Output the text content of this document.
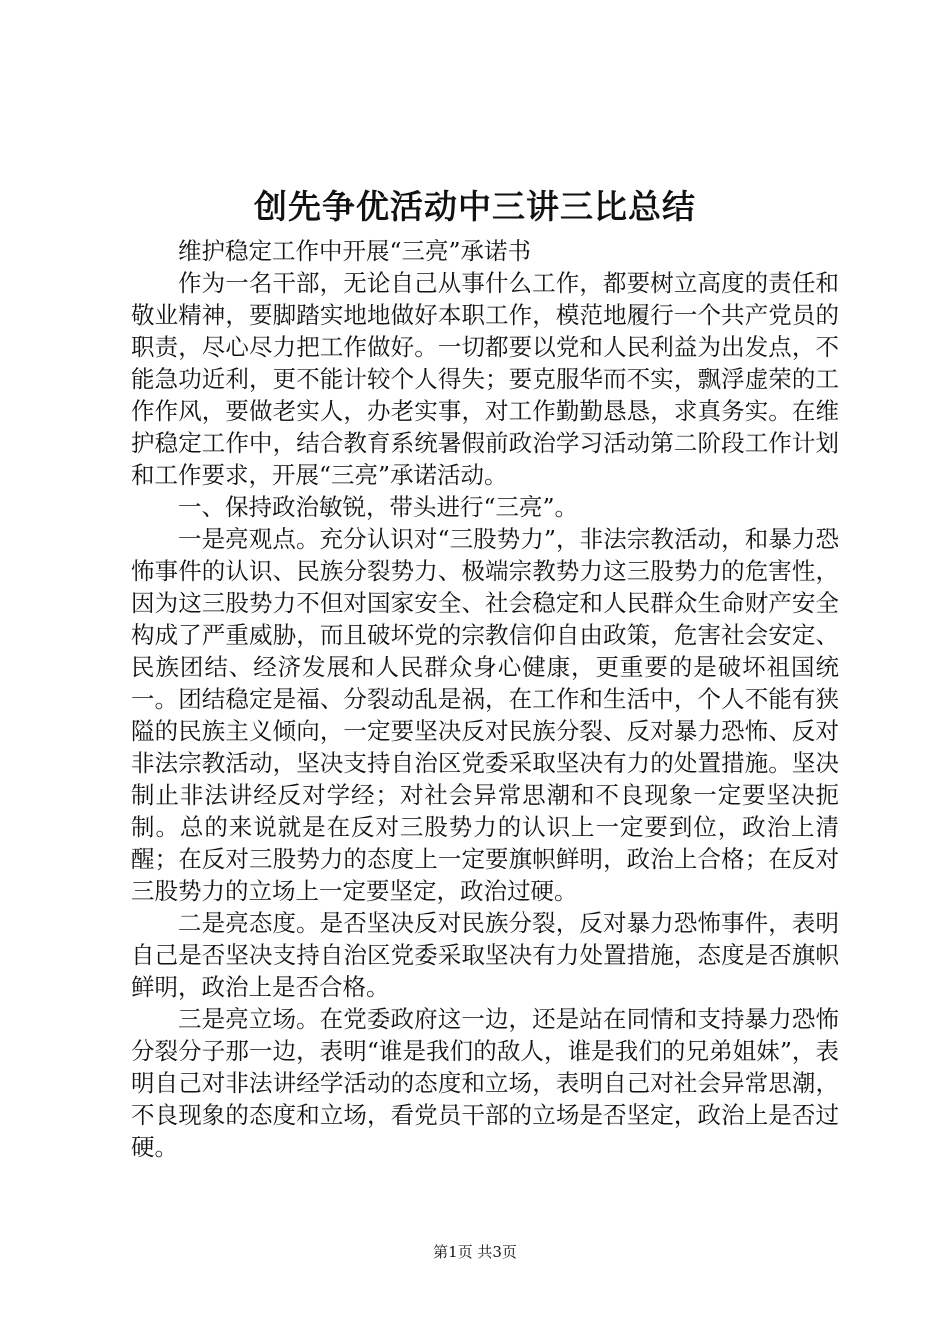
创先争优活动中三讲三比总结

维护稳定工作中开展“三亮”承诺书

作为一名干部，无论自己从事什么工作，都要树立高度的责任和敬业精神，要脚踏实地地做好本职工作，模范地履行一个共产党员的职责，尽心尽力把工作做好。一切都要以党和人民利益为出发点，不能急功近利，更不能计较个人得失；要克服华而不实，飘浮虚荣的工作作风，要做老实人，办老实事，对工作勤勤恳恳，求真务实。在维护稳定工作中，结合教育系统暑假前政治学习活动第二阶段工作计划和工作要求，开展“三亮”承诺活动。

一、保持政治敏锐，带头进行“三亮”。

一是亮观点。充分认识对“三股势力”，非法宗教活动，和暴力恐怖事件的认识、民族分裂势力、极端宗教势力这三股势力的危害性，因为这三股势力不但对国家安全、社会稳定和人民群众生命财产安全构成了严重威胁，而且破坏党的宗教信仰自由政策，危害社会安定、民族团结、经济发展和人民群众身心健康，更重要的是破坏祖国统一。团结稳定是福、分裂动乱是祸，在工作和生活中，个人不能有狭隘的民族主义倾向，一定要坚决反对民族分裂、反对暴力恐怖、反对非法宗教活动，坚决支持自治区党委采取坚决有力的处置措施。坚决制止非法讲经反对学经；对社会异常思潮和不良现象一定要坚决扼制。总的来说就是在反对三股势力的认识上一定要到位，政治上清醒；在反对三股势力的态度上一定要旗帜鲜明，政治上合格；在反对三股势力的立场上一定要坚定，政治过硬。

二是亮态度。是否坚决反对民族分裂，反对暴力恐怖事件，表明自己是否坚决支持自治区党委采取坚决有力处置措施，态度是否旗帜鲜明，政治上是否合格。

三是亮立场。在党委政府这一边，还是站在同情和支持暴力恐怖分裂分子那一边，表明“谁是我们的敌人，谁是我们的兄弟姐妹”，表明自己对非法讲经学活动的态度和立场，表明自己对社会异常思潮，不良现象的态度和立场，看党员干部的立场是否坚定，政治上是否过硬。

第1页 共3页
